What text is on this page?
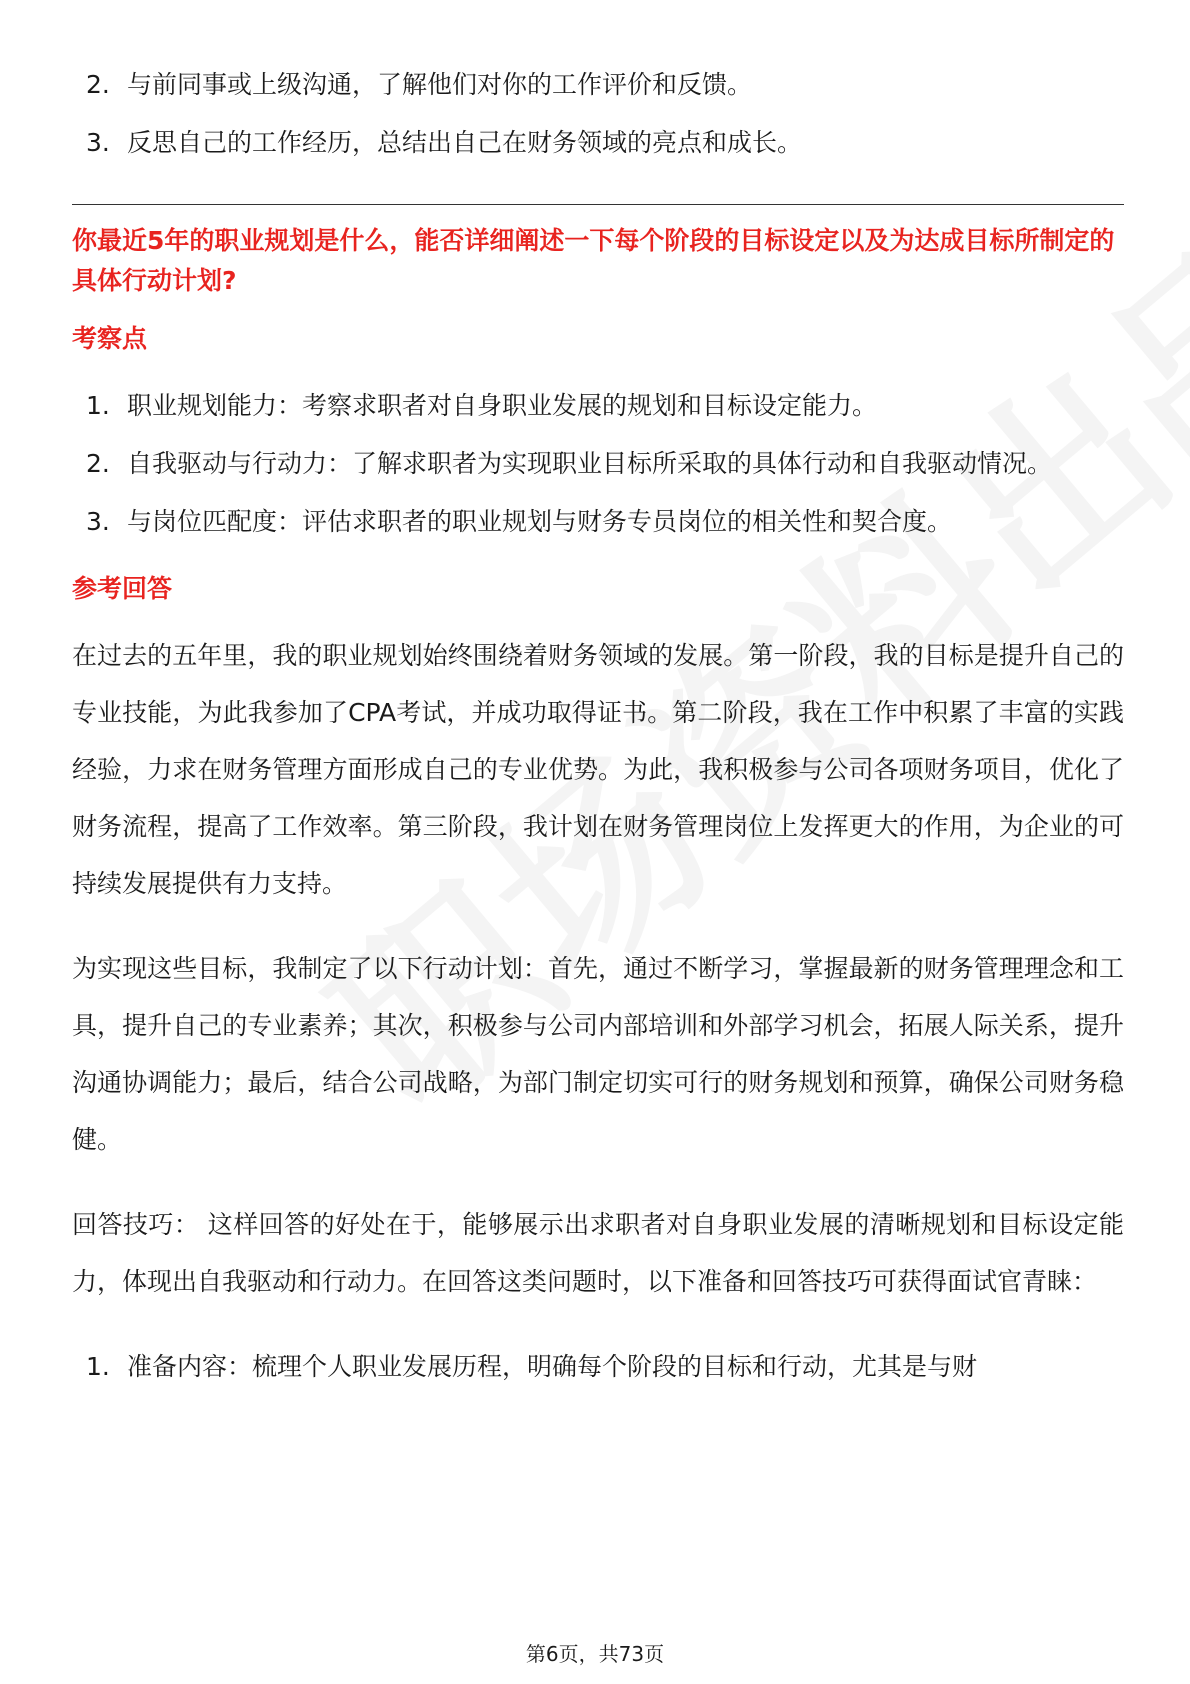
2. 与前同事或上级沟通，了解他们对你的工作评价和反馈。
3. 反思自己的工作经历，总结出自己在财务领域的亮点和成长。

你最近5年的职业规划是什么，能否详细阐述一下每个阶段的目标设定以及为达成目标所制定的具体行动计划?

考察点
1. 职业规划能力：考察求职者对自身职业发展的规划和目标设定能力。
2. 自我驱动与行动力：了解求职者为实现职业目标所采取的具体行动和自我驱动情况。
3. 与岗位匹配度：评估求职者的职业规划与财务专员岗位的相关性和契合度。
参考回答

在过去的五年里，我的职业规划始终围绕着财务领域的发展。第一阶段，我的目标是提升自己的专业技能，为此我参加了CPA考试，并成功取得证书。第二阶段，我在工作中积累了丰富的实践经验，力求在财务管理方面形成自己的专业优势。为此，我积极参与公司各项财务项目，优化了财务流程，提高了工作效率。第三阶段，我计划在财务管理岗位上发挥更大的作用，为企业的可持续发展提供有力支持。

为实现这些目标，我制定了以下行动计划：首先，通过不断学习，掌握最新的财务管理理念和工具，提升自己的专业素养；其次，积极参与公司内部培训和外部学习机会，拓展人际关系，提升沟通协调能力；最后，结合公司战略，为部门制定切实可行的财务规划和预算，确保公司财务稳健。

回答技巧： 这样回答的好处在于，能够展示出求职者对自身职业发展的清晰规划和目标设定能力，体现出自我驱动和行动力。在回答这类问题时，以下准备和回答技巧可获得面试官青睐：

1. 准备内容：梳理个人职业发展历程，明确每个阶段的目标和行动，尤其是与财
第6页，共73页
